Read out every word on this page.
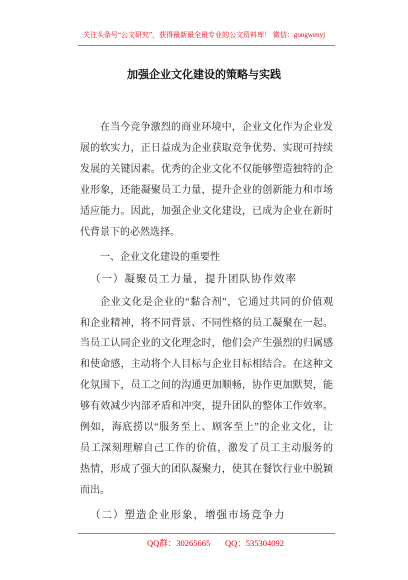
关注头条号“公文研究”，获得最新最全最专业的公文资料库！ 微信：gongwenyj
加强企业文化建设的策略与实践
在当今竞争激烈的商业环境中，企业文化作为企业发
展的软实力，正日益成为企业获取竞争优势、实现可持续
发展的关键因素。优秀的企业文化不仅能够塑造独特的企
业形象，还能凝聚员工力量，提升企业的创新能力和市场
适应能力。因此，加强企业文化建设，已成为企业在新时
代背景下的必然选择。
一、企业文化建设的重要性
（一）凝聚员工力量，提升团队协作效率
企业文化是企业的“黏合剂”，它通过共同的价值观
和企业精神，将不同背景、不同性格的员工凝聚在一起。
当员工认同企业的文化理念时，他们会产生强烈的归属感
和使命感，主动将个人目标与企业目标相结合。在这种文
化氛围下，员工之间的沟通更加顺畅，协作更加默契，能
够有效减少内部矛盾和冲突，提升团队的整体工作效率。
例如，海底捞以“服务至上、顾客至上”的企业文化，让
员工深刻理解自己工作的价值，激发了员工主动服务的
热情，形成了强大的团队凝聚力，使其在餐饮行业中脱颖
而出。
（二）塑造企业形象，增强市场竞争力
QQ群：30265665 QQ：535304092
